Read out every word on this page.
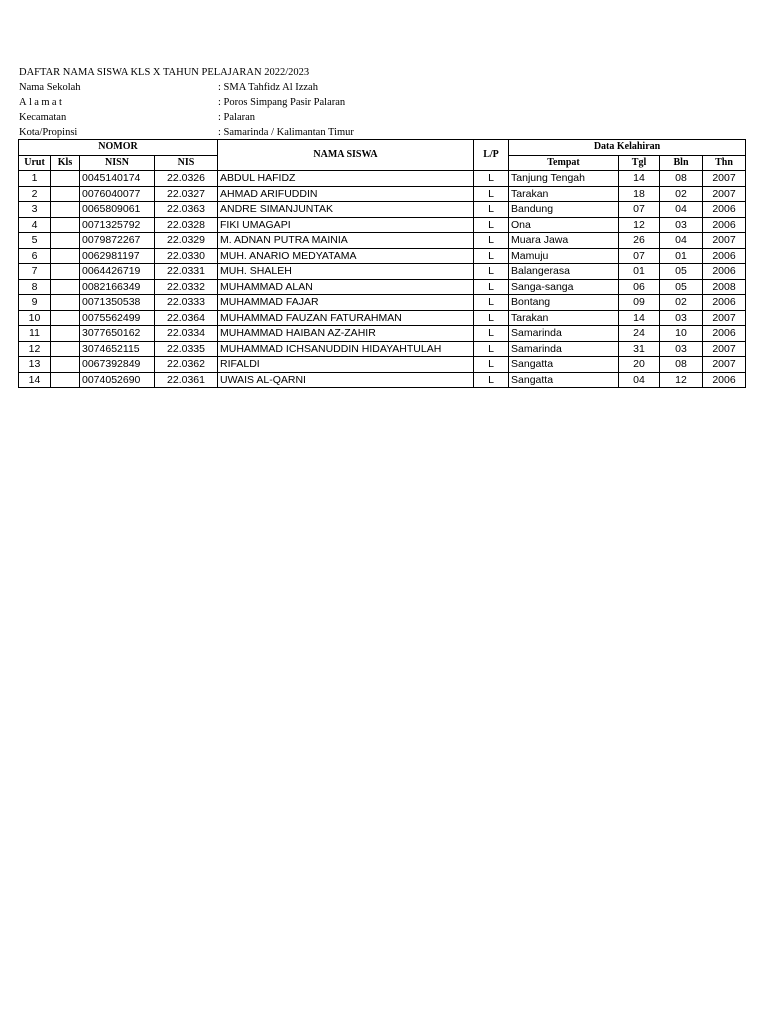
DAFTAR NAMA SISWA KLS X TAHUN PELAJARAN 2022/2023
Nama Sekolah	: SMA Tahfidz Al Izzah
Alamat	: Poros Simpang Pasir Palaran
Kecamatan	: Palaran
Kota/Propinsi	: Samarinda / Kalimantan Timur
NOMOR				NAMA SISWA	L/P	Data Kelahiran			
Urut	Kls	NISN	NIS			Tempat	Tgl	Bln	Thn
1		0045140174	22.0326	ABDUL HAFIDZ	L	Tanjung Tengah	14	08	2007
2		0076040077	22.0327	AHMAD ARIFUDDIN	L	Tarakan	18	02	2007
3		0065809061	22.0363	ANDRE SIMANJUNTAK	L	Bandung	07	04	2006
4		0071325792	22.0328	FIKI UMAGAPI	L	Ona	12	03	2006
5		0079872267	22.0329	M. ADNAN PUTRA MAINIA	L	Muara Jawa	26	04	2007
6		0062981197	22.0330	MUH. ANARIO MEDYATAMA	L	Mamuju	07	01	2006
7		0064426719	22.0331	MUH. SHALEH	L	Balangerasa	01	05	2006
8		0082166349	22.0332	MUHAMMAD ALAN	L	Sanga-sanga	06	05	2008
9		0071350538	22.0333	MUHAMMAD FAJAR	L	Bontang	09	02	2006
10		0075562499	22.0364	MUHAMMAD FAUZAN FATURAHMAN	L	Tarakan	14	03	2007
11		3077650162	22.0334	MUHAMMAD HAIBAN AZ-ZAHIR	L	Samarinda	24	10	2006
12		3074652115	22.0335	MUHAMMAD ICHSANUDDIN HIDAYAHTULAH	L	Samarinda	31	03	2007
13		0067392849	22.0362	RIFALDI	L	Sangatta	20	08	2007
14		0074052690	22.0361	UWAIS AL-QARNI	L	Sangatta	04	12	2006
